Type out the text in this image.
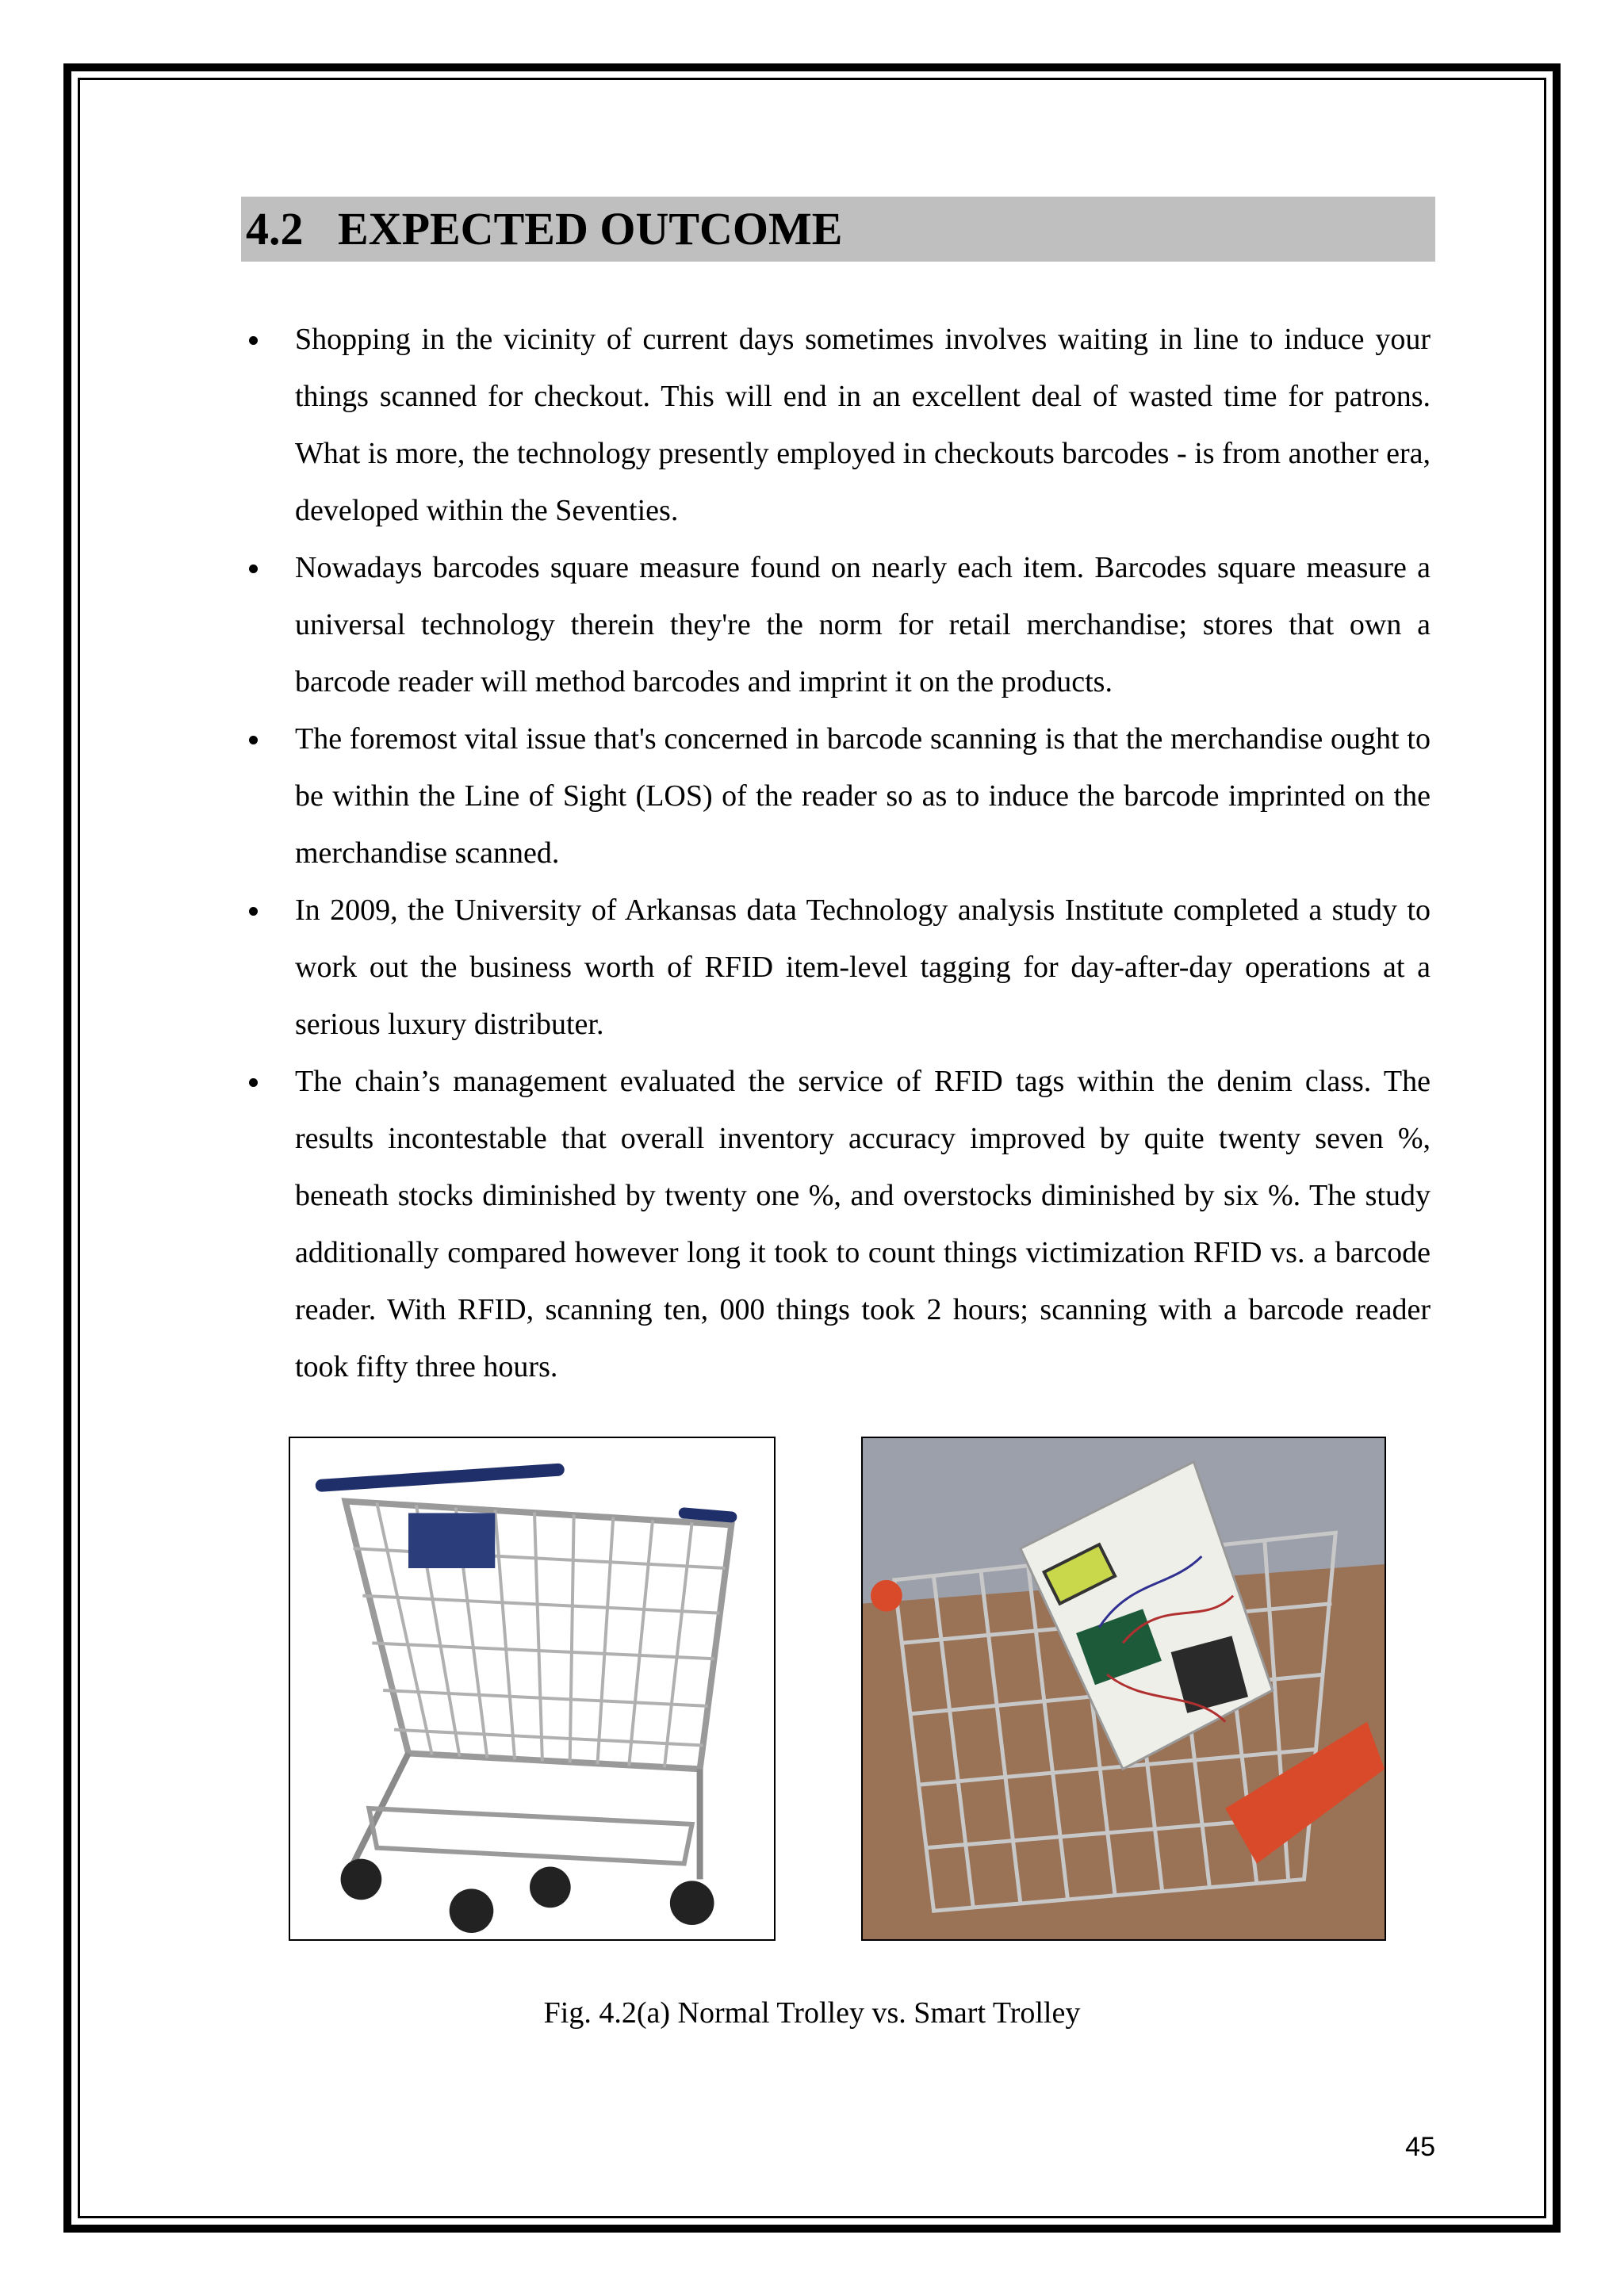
4.2   EXPECTED OUTCOME
Shopping in the vicinity of current days sometimes involves waiting in line to induce your things scanned for checkout. This will end in an excellent deal of wasted time for patrons. What is more, the technology presently employed in checkouts barcodes - is from another era, developed within the Seventies.
Nowadays barcodes square measure found on nearly each item. Barcodes square measure a universal technology therein they're the norm for retail merchandise; stores that own a barcode reader will method barcodes and imprint it on the products.
The foremost vital issue that's concerned in barcode scanning is that the merchandise ought to be within the Line of Sight (LOS) of the reader so as to induce the barcode imprinted on the merchandise scanned.
In 2009, the University of Arkansas data Technology analysis Institute completed a study to work out the business worth of RFID item-level tagging for day-after-day operations at a serious luxury distributer.
The chain’s management evaluated the service of RFID tags within the denim class. The results incontestable that overall inventory accuracy improved by quite twenty seven %, beneath stocks diminished by twenty one %, and overstocks diminished by six %. The study additionally compared however long it took to count things victimization RFID vs. a barcode reader. With RFID, scanning ten, 000 things took 2 hours; scanning with a barcode reader took fifty three hours.
Fig. 4.2(a) Normal Trolley vs. Smart Trolley
45
